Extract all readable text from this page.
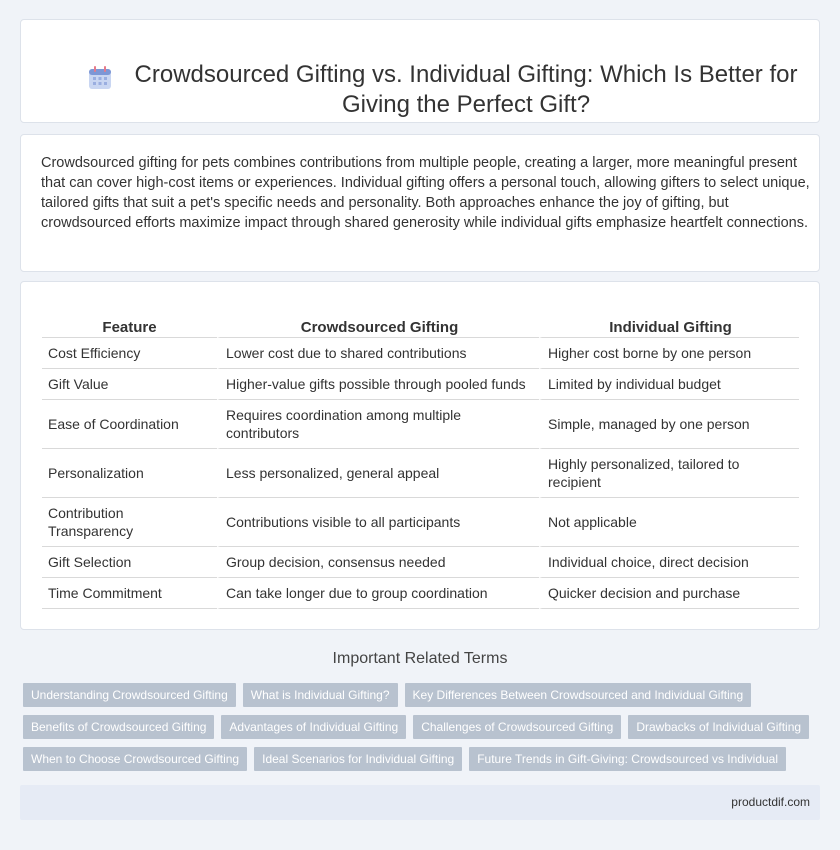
Crowdsourced Gifting vs. Individual Gifting: Which Is Better for Giving the Perfect Gift?

Crowdsourced gifting for pets combines contributions from multiple people, creating a larger, more meaningful present that can cover high-cost items or experiences. Individual gifting offers a personal touch, allowing gifters to select unique, tailored gifts that suit a pet's specific needs and personality. Both approaches enhance the joy of gifting, but crowdsourced efforts maximize impact through shared generosity while individual gifts emphasize heartfelt connections.

Feature	Crowdsourced Gifting	Individual Gifting
Cost Efficiency	Lower cost due to shared contributions	Higher cost borne by one person
Gift Value	Higher-value gifts possible through pooled funds	Limited by individual budget
Ease of Coordination	Requires coordination among multiple contributors	Simple, managed by one person
Personalization	Less personalized, general appeal	Highly personalized, tailored to recipient
Contribution Transparency	Contributions visible to all participants	Not applicable
Gift Selection	Group decision, consensus needed	Individual choice, direct decision
Time Commitment	Can take longer due to group coordination	Quicker decision and purchase
Important Related Terms
Understanding Crowdsourced Gifting	What is Individual Gifting?	Key Differences Between Crowdsourced and Individual Gifting
Benefits of Crowdsourced Gifting	Advantages of Individual Gifting	Challenges of Crowdsourced Gifting	Drawbacks of Individual Gifting
When to Choose Crowdsourced Gifting	Ideal Scenarios for Individual Gifting	Future Trends in Gift-Giving: Crowdsourced vs Individual
productdif.com
